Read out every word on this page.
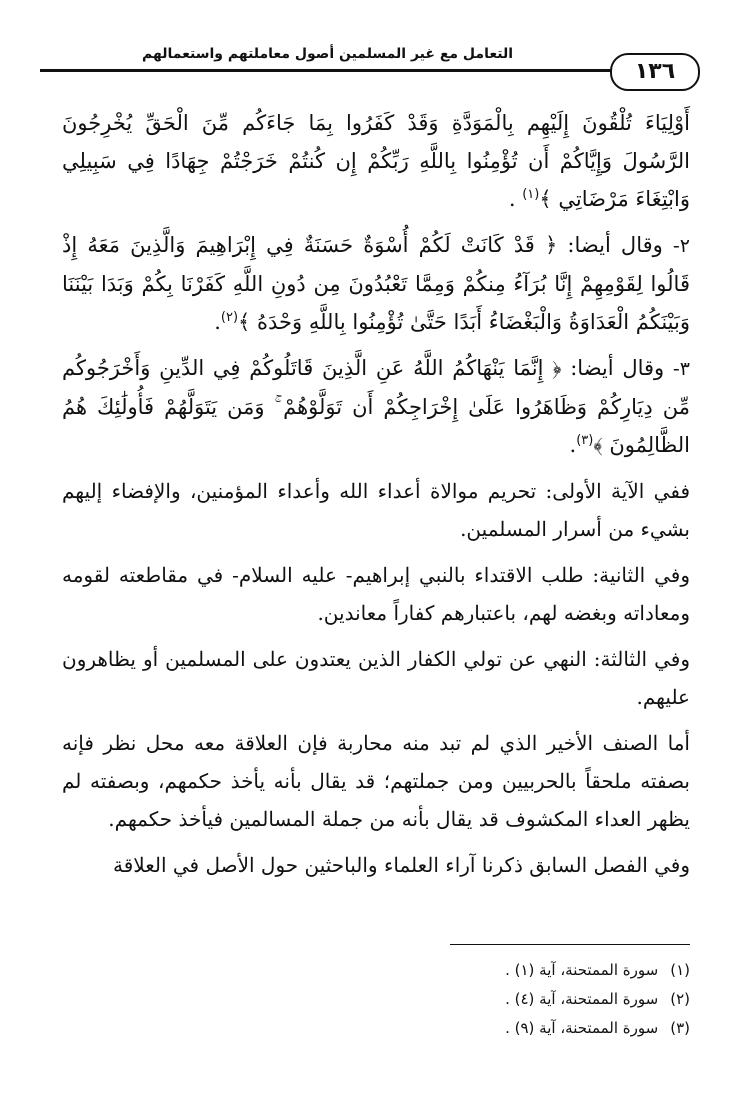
التعامل مع غير المسلمين أصول معاملتهم واستعمالهم
١٣٦

أَوْلِيَاءَ تُلْقُونَ إِلَيْهِم بِالْمَوَدَّةِ وَقَدْ كَفَرُوا بِمَا جَاءَكُم مِّنَ الْحَقِّ يُخْرِجُونَ الرَّسُولَ وَإِيَّاكُمْ أَن تُؤْمِنُوا بِاللَّهِ رَبِّكُمْ إِن كُنتُمْ خَرَجْتُمْ جِهَادًا فِي سَبِيلِي وَابْتِغَاءَ مَرْضَاتِي ﴾$^{(١)}$ .

٢- وقال أيضا: ﴿ قَدْ كَانَتْ لَكُمْ أُسْوَةٌ حَسَنَةٌ فِي إِبْرَاهِيمَ وَالَّذِينَ مَعَهُ إِذْ قَالُوا لِقَوْمِهِمْ إِنَّا بُرَآءُ مِنكُمْ وَمِمَّا تَعْبُدُونَ مِن دُونِ اللَّهِ كَفَرْنَا بِكُمْ وَبَدَا بَيْنَنَا وَبَيْنَكُمُ الْعَدَاوَةُ وَالْبَغْضَاءُ أَبَدًا حَتَّىٰ تُؤْمِنُوا بِاللَّهِ وَحْدَهُ ﴾$^{(٢)}$.

٣- وقال أيضا: ﴿ إِنَّمَا يَنْهَاكُمُ اللَّهُ عَنِ الَّذِينَ قَاتَلُوكُمْ فِي الدِّينِ وَأَخْرَجُوكُم مِّن دِيَارِكُمْ وَظَاهَرُوا عَلَىٰ إِخْرَاجِكُمْ أَن تَوَلَّوْهُمْ ۚ وَمَن يَتَوَلَّهُمْ فَأُولَٰئِكَ هُمُ الظَّالِمُونَ ﴾$^{(٣)}$.

ففي الآية الأولى: تحريم موالاة أعداء الله وأعداء المؤمنين، والإفضاء إليهم بشيء من أسرار المسلمين.

وفي الثانية: طلب الاقتداء بالنبي إبراهيم- عليه السلام- في مقاطعته لقومه ومعاداته وبغضه لهم، باعتبارهم كفاراً معاندين.

وفي الثالثة: النهي عن تولي الكفار الذين يعتدون على المسلمين أو يظاهرون عليهم.

أما الصنف الأخير الذي لم تبد منه محاربة فإن العلاقة معه محل نظر فإنه بصفته ملحقاً بالحربيين ومن جملتهم؛ قد يقال بأنه يأخذ حكمهم، وبصفته لم يظهر العداء المكشوف قد يقال بأنه من جملة المسالمين فيأخذ حكمهم.

وفي الفصل السابق ذكرنا آراء العلماء والباحثين حول الأصل في العلاقة

(١)سورة الممتحنة، آية (١) .
(٢)سورة الممتحنة، آية (٤) .
(٣)سورة الممتحنة، آية (٩) .
